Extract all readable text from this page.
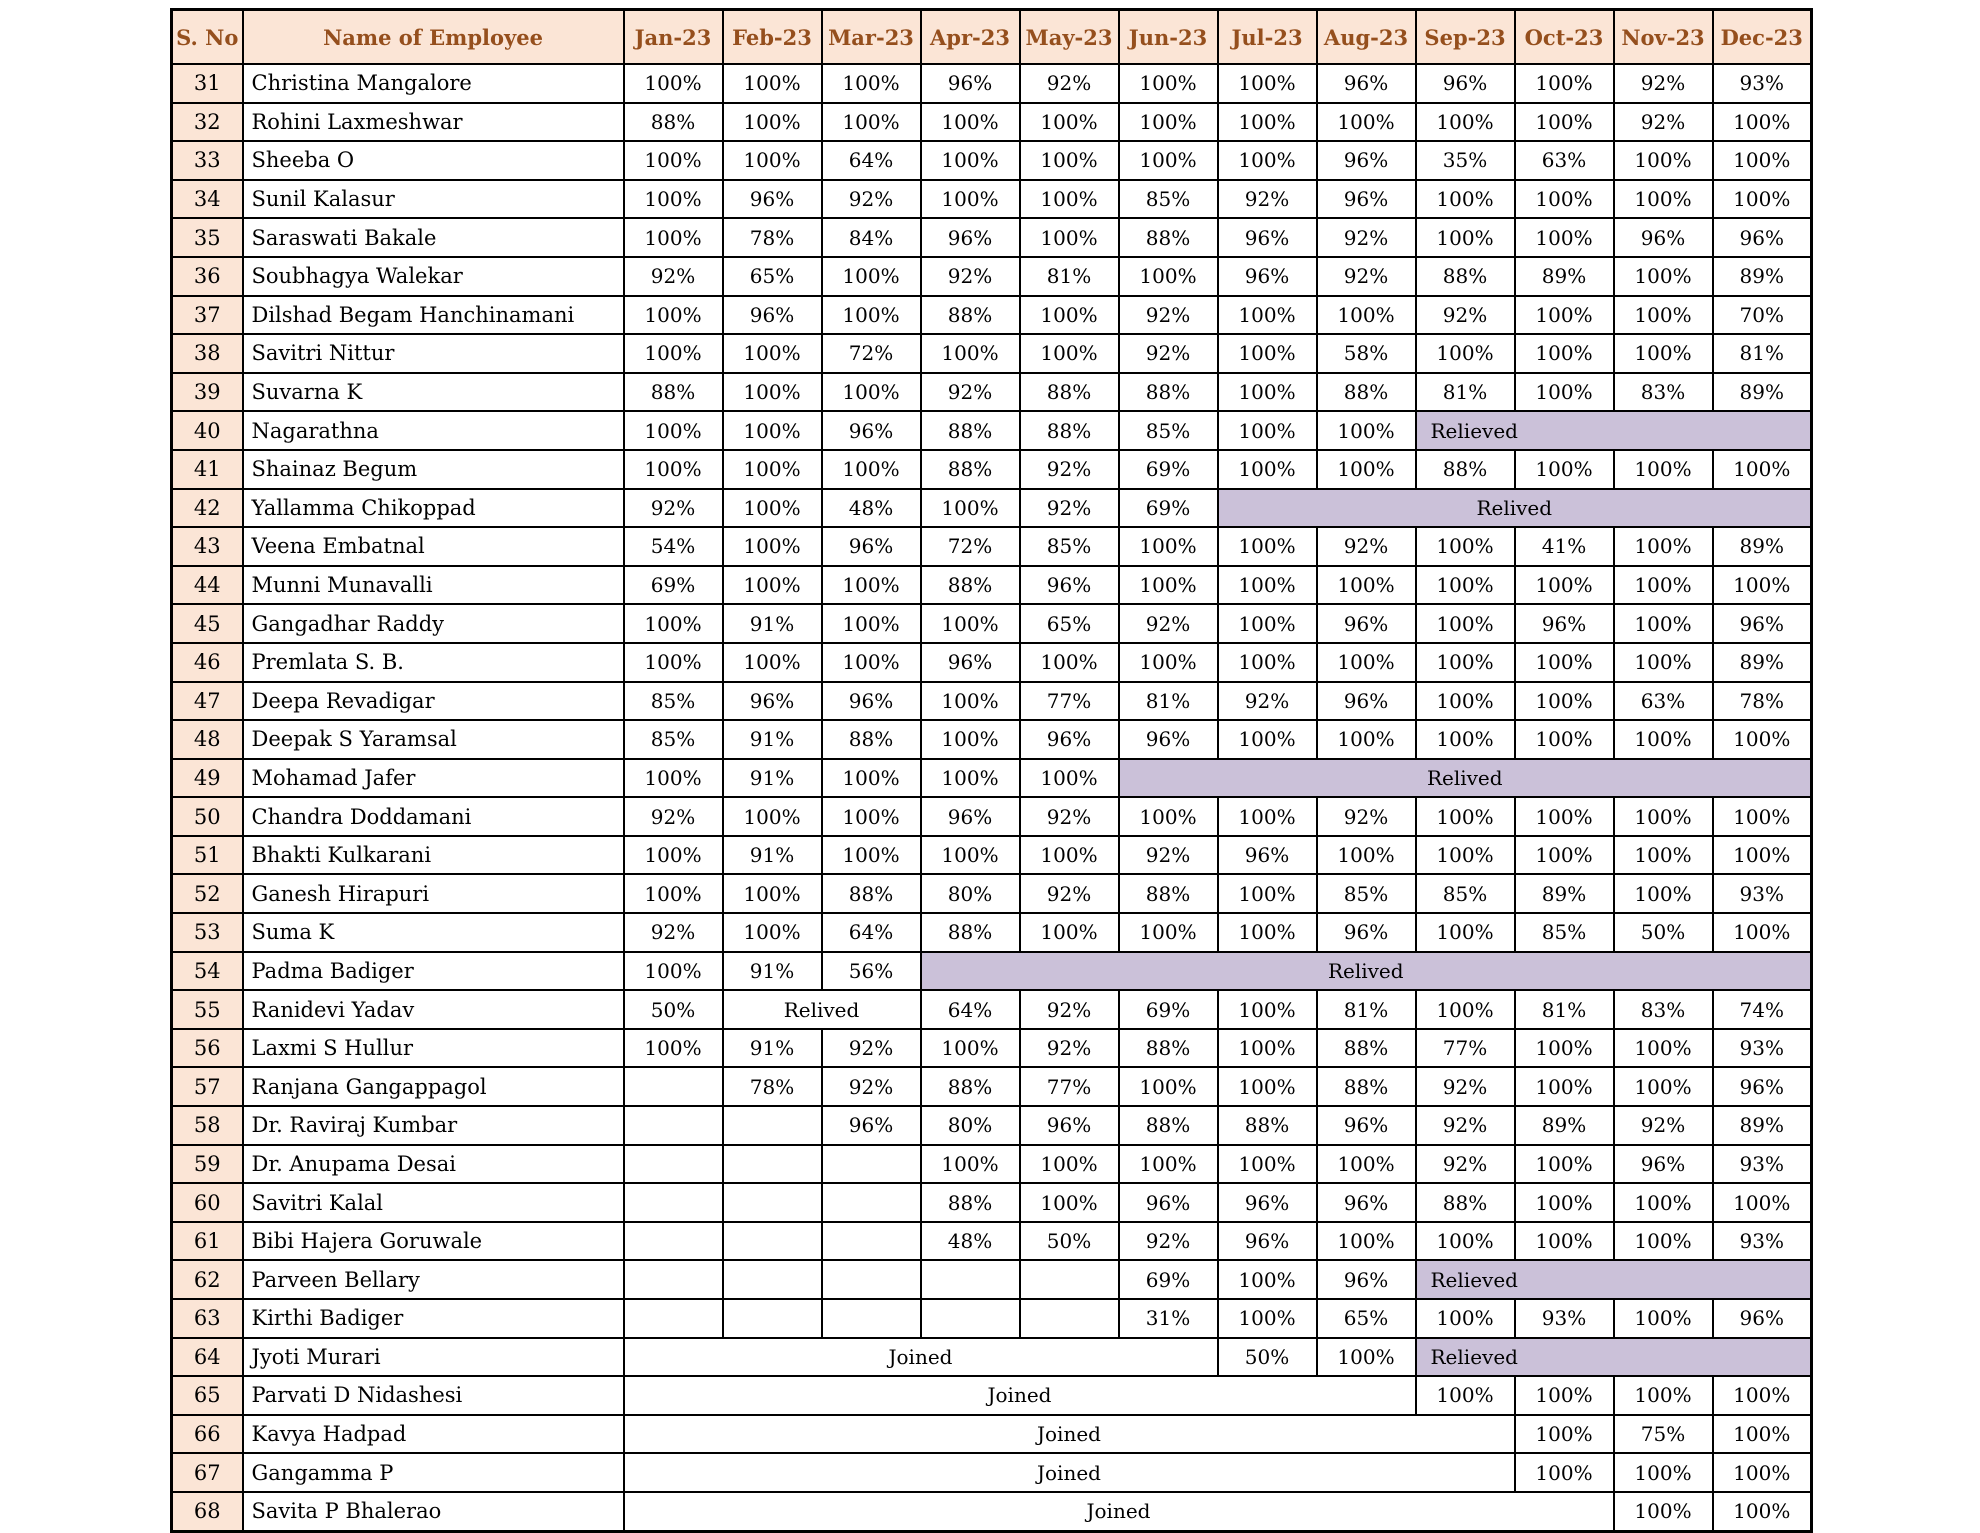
S. No	Name of Employee	Jan-23	Feb-23	Mar-23	Apr-23	May-23	Jun-23	Jul-23	Aug-23	Sep-23	Oct-23	Nov-23	Dec-23
31	Christina Mangalore	100%	100%	100%	96%	92%	100%	100%	96%	96%	100%	92%	93%
32	Rohini Laxmeshwar	88%	100%	100%	100%	100%	100%	100%	100%	100%	100%	92%	100%
33	Sheeba O	100%	100%	64%	100%	100%	100%	100%	96%	35%	63%	100%	100%
34	Sunil Kalasur	100%	96%	92%	100%	100%	85%	92%	96%	100%	100%	100%	100%
35	Saraswati Bakale	100%	78%	84%	96%	100%	88%	96%	92%	100%	100%	96%	96%
36	Soubhagya Walekar	92%	65%	100%	92%	81%	100%	96%	92%	88%	89%	100%	89%
37	Dilshad Begam Hanchinamani	100%	96%	100%	88%	100%	92%	100%	100%	92%	100%	100%	70%
38	Savitri Nittur	100%	100%	72%	100%	100%	92%	100%	58%	100%	100%	100%	81%
39	Suvarna K	88%	100%	100%	92%	88%	88%	100%	88%	81%	100%	83%	89%
40	Nagarathna	100%	100%	96%	88%	88%	85%	100%	100%	Relieved			
41	Shainaz Begum	100%	100%	100%	88%	92%	69%	100%	100%	88%	100%	100%	100%
42	Yallamma Chikoppad	92%	100%	48%	100%	92%	69%	Relived					
43	Veena Embatnal	54%	100%	96%	72%	85%	100%	100%	92%	100%	41%	100%	89%
44	Munni Munavalli	69%	100%	100%	88%	96%	100%	100%	100%	100%	100%	100%	100%
45	Gangadhar Raddy	100%	91%	100%	100%	65%	92%	100%	96%	100%	96%	100%	96%
46	Premlata S. B.	100%	100%	100%	96%	100%	100%	100%	100%	100%	100%	100%	89%
47	Deepa Revadigar	85%	96%	96%	100%	77%	81%	92%	96%	100%	100%	63%	78%
48	Deepak S Yaramsal	85%	91%	88%	100%	96%	96%	100%	100%	100%	100%	100%	100%
49	Mohamad Jafer	100%	91%	100%	100%	100%	Relived						
50	Chandra Doddamani	92%	100%	100%	96%	92%	100%	100%	92%	100%	100%	100%	100%
51	Bhakti Kulkarani	100%	91%	100%	100%	100%	92%	96%	100%	100%	100%	100%	100%
52	Ganesh Hirapuri	100%	100%	88%	80%	92%	88%	100%	85%	85%	89%	100%	93%
53	Suma K	92%	100%	64%	88%	100%	100%	100%	96%	100%	85%	50%	100%
54	Padma Badiger	100%	91%	56%	Relived								
55	Ranidevi Yadav	50%	Relived		64%	92%	69%	100%	81%	100%	81%	83%	74%
56	Laxmi S Hullur	100%	91%	92%	100%	92%	88%	100%	88%	77%	100%	100%	93%
57	Ranjana Gangappagol		78%	92%	88%	77%	100%	100%	88%	92%	100%	100%	96%
58	Dr. Raviraj Kumbar			96%	80%	96%	88%	88%	96%	92%	89%	92%	89%
59	Dr. Anupama Desai				100%	100%	100%	100%	100%	92%	100%	96%	93%
60	Savitri Kalal				88%	100%	96%	96%	96%	88%	100%	100%	100%
61	Bibi Hajera Goruwale				48%	50%	92%	96%	100%	100%	100%	100%	93%
62	Parveen Bellary						69%	100%	96%	Relieved			
63	Kirthi Badiger						31%	100%	65%	100%	93%	100%	96%
64	Jyoti Murari	Joined						50%	100%	Relieved			
65	Parvati D Nidashesi	Joined								100%	100%	100%	100%
66	Kavya Hadpad	Joined									100%	75%	100%
67	Gangamma P	Joined									100%	100%	100%
68	Savita P Bhalerao	Joined										100%	100%
